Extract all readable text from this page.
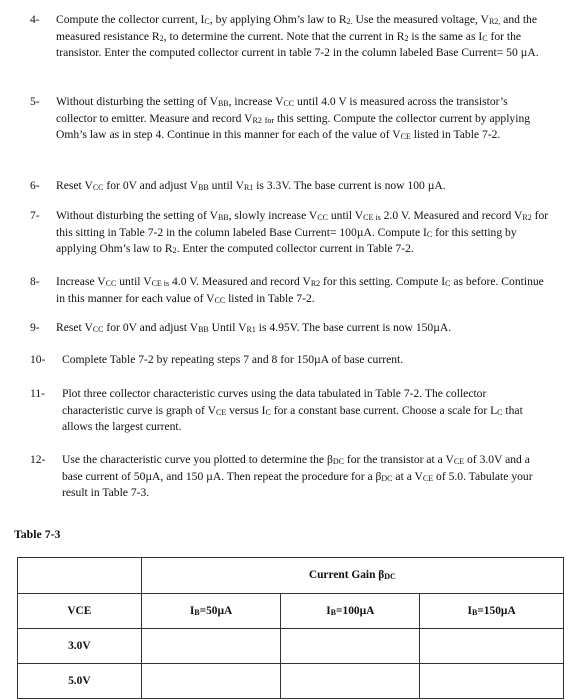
4- Compute the collector current, $I_C$, by applying Ohm’s law to $R_{2.}$ Use the measured voltage, $V_{R2,}$ and the measured resistance $R_2$, to determine the current. Note that the current in $R_2$ is the same as $I_C$ for the transistor. Enter the computed collector current in table 7-2 in the column labeled Base Current= 50 µA.
5- Without disturbing the setting of $V_{BB}$, increase $V_{CC}$ until 4.0 V is measured across the transistor’s collector to emitter. Measure and record $V_{R2}$ $_{for}$ this setting. Compute the collector current by applying Omh’s law as in step 4. Continue in this manner for each of the value of $V_{CE}$ listed in Table 7-2.
6- Reset $V_{CC}$ for 0V and adjust $V_{BB}$ until $V_{R1}$ is 3.3V. The base current is now 100 µA.
7- Without disturbing the setting of $V_{BB}$, slowly increase $V_{CC}$ until $V_{CE is}$ 2.0 V. Measured and record $V_{R2}$ for this sitting in Table 7-2 in the column labeled Base Current= 100µA. Compute $I_C$ for this setting by applying Ohm’s law to $R_2$. Enter the computed collector current in Table 7-2.
8- Increase $V_{CC}$ until $V_{CE is}$ 4.0 V. Measured and record $V_{R2}$ for this setting. Compute $I_C$ as before. Continue in this manner for each value of $V_{CC}$ listed in Table 7-2.
9- Reset $V_{CC}$ for 0V and adjust $V_{BB}$ Until $V_{R1}$ is 4.95V. The base current is now 150µA.
10- Complete Table 7-2 by repeating steps 7 and 8 for 150µA of base current.
11- Plot three collector characteristic curves using the data tabulated in Table 7-2. The collector characteristic curve is graph of $V_{CE}$ versus $I_C$ for a constant base current. Choose a scale for $L_C$ that allows the largest current.
12- Use the characteristic curve you plotted to determine the $\beta_{DC}$ for the transistor at a $V_{CE}$ of 3.0V and a base current of 50µA, and 150 µA. Then repeat the procedure for a $\beta_{DC}$ at a $V_{CE}$ of 5.0. Tabulate your result in Table 7-3.
Table 7-3
	Current Gain $\beta_{DC}$
VCE	$I_B=50\mu A$	$I_B=100\mu A$	$I_B=150\mu A$
3.0V			
5.0V			
